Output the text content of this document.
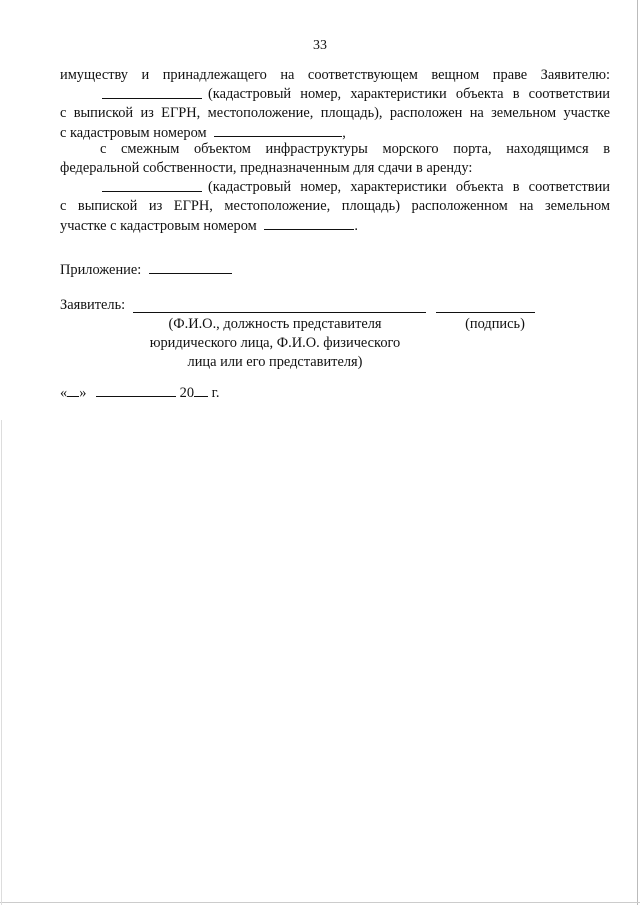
33
имуществу и принадлежащего на соответствующем вещном праве Заявителю:
(кадастровый номер, характеристики объекта в соответствии
с выпиской из ЕГРН, местоположение, площадь), расположен на земельном участке
с кадастровым номером	,
с смежным объектом инфраструктуры морского порта, находящимся в
федеральной собственности, предназначенным для сдачи в аренду:
(кадастровый номер, характеристики объекта в соответствии
с выпиской из ЕГРН, местоположение, площадь) расположенном на земельном
участке с кадастровым номером	.
Приложение:
Заявитель:
(Ф.И.О., должность представителя
юридического лица, Ф.И.О. физического
лица или его представителя)
(подпись)
« »	20 г.
